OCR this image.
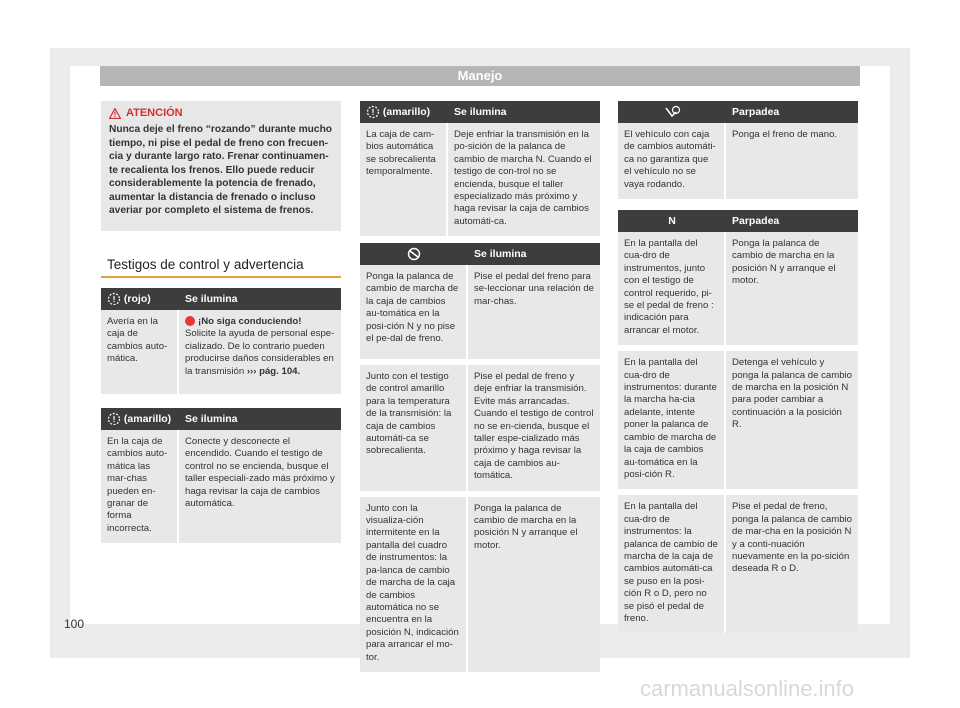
Manejo
ATENCIÓN
Nunca deje el freno “rozando” durante mucho tiempo, ni pise el pedal de freno con frecuen-cia y durante largo rato. Frenar continuamen-te recalienta los frenos. Ello puede reducir considerablemente la potencia de frenado, aumentar la distancia de frenado o incluso averiar por completo el sistema de frenos.
Testigos de control y advertencia
(rojo)	Se ilumina
Avería en la caja de cambios auto-mática.	¡No siga conduciendo!
Solicite la ayuda de personal espe-cializado. De lo contrario pueden producirse daños considerables en la transmisión ››› pág. 104.
(amarillo)	Se ilumina
En la caja de cambios auto-mática las mar-chas pueden en-granar de forma incorrecta.	Conecte y desconecte el encendido. Cuando el testigo de control no se encienda, busque el taller especiali-zado más próximo y haga revisar la caja de cambios automática.
(amarillo)	Se ilumina
La caja de cam-bios automática se sobrecalienta temporalmente.	Deje enfriar la transmisión en la po-sición de la palanca de cambio de marcha N. Cuando el testigo de con-trol no se encienda, busque el taller especializado más próximo y haga revisar la caja de cambios automáti-ca.
	Se ilumina
Ponga la palanca de cambio de marcha de la caja de cambios au-tomática en la posi-ción N y no pise el pe-dal de freno.	Pise el pedal del freno para se-leccionar una relación de mar-chas.
Junto con el testigo de control amarillo para la temperatura de la transmisión: la caja de cambios automáti-ca se sobrecalienta.	Pise el pedal de freno y deje enfriar la transmisión. Evite más arrancadas. Cuando el testigo de control no se en-cienda, busque el taller espe-cializado más próximo y haga revisar la caja de cambios au-tomática.
Junto con la visualiza-ción intermitente en la pantalla del cuadro de instrumentos: la pa-lanca de cambio de marcha de la caja de cambios automática no se encuentra en la posición N, indicación para arrancar el mo-tor.	Ponga la palanca de cambio de marcha en la posición N y arranque el motor.
	Parpadea
El vehículo con caja de cambios automáti-ca no garantiza que el vehículo no se vaya rodando.	Ponga el freno de mano.
N	Parpadea
En la pantalla del cua-dro de instrumentos, junto con el testigo de control requerido, pi-se el pedal de freno : indicación para arrancar el motor.	Ponga la palanca de cambio de marcha en la posición N y arranque el motor.
En la pantalla del cua-dro de instrumentos: durante la marcha ha-cia adelante, intente poner la palanca de cambio de marcha de la caja de cambios au-tomática en la posi-ción R.	Detenga el vehículo y ponga la palanca de cambio de marcha en la posición N para poder cambiar a continuación a la posición R.
En la pantalla del cua-dro de instrumentos: la palanca de cambio de marcha de la caja de cambios automáti-ca se puso en la posi-ción R o D, pero no se pisó el pedal de freno.	Pise el pedal de freno, ponga la palanca de cambio de mar-cha en la posición N y a conti-nuación nuevamente en la po-sición deseada R o D.
100
carmanualsonline.info
